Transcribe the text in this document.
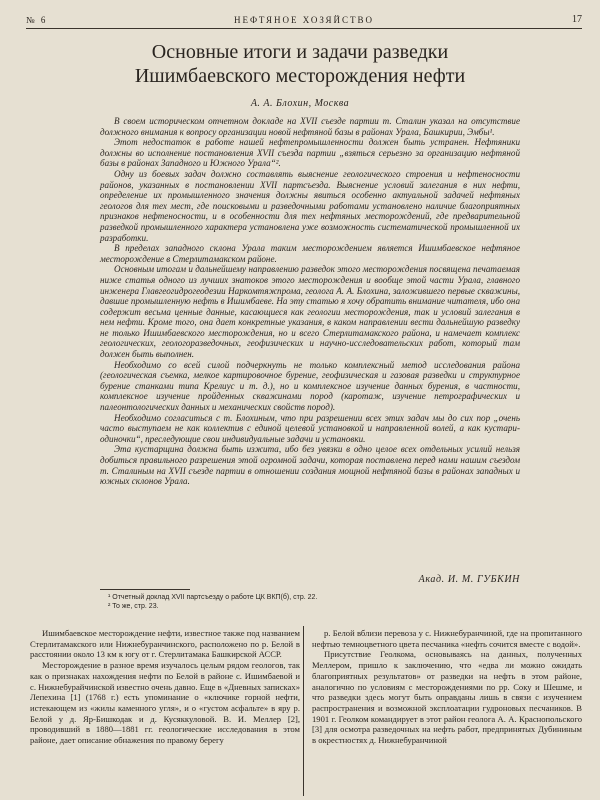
№ 6	НЕФТЯНОЕ ХОЗЯЙСТВО	17
Основные итоги и задачи разведки
Ишимбаевского месторождения нефти
А. А. Блохин, Москва

В своем историческом отчетном докладе на XVII съезде партии т. Сталин указал на отсутствие должного внимания к вопросу организации новой нефтяной базы в районах Урала, Башкирии, Эмбы¹.

Этот недостаток в работе нашей нефтепромышленности должен быть устранен. Нефтяники должны во исполнение постановления XVII съезда партии „взяться серьезно за организацию нефтяной базы в районах Западного и Южного Урала“².

Одну из боевых задач должно составлять выяснение геологического строения и нефтеносности районов, указанных в постановлении XVII партсъезда. Выяснение условий залегания в них нефти, определение их промышленного значения должны явиться особенно актуальной задачей нефтяных геологов для тех мест, где поисковыми и разведочными работами установлено наличие благоприятных признаков нефтеносности, и в особенности для тех нефтяных месторождений, где предварительной разведкой промышленного характера установлена уже возможность систематической промышленной их разработки.

В пределах западного склона Урала таким месторождением является Ишимбаевское нефтяное месторождение в Стерлитамакском районе.

Основным итогам и дальнейшему направлению разведок этого месторождения посвящена печатаемая ниже статья одного из лучших знатоков этого месторождения и вообще этой части Урала, главного инженера Главгеогидрогеодезии Наркомтяжпрома, геолога А. А. Блохина, заложившего первые скважины, давшие промышленную нефть в Ишимбаеве. На эту статью я хочу обратить внимание читателя, ибо она содержит весьма ценные данные, касающиеся как геологии месторождения, так и условий залегания в нем нефти. Кроме того, она дает конкретные указания, в каком направлении вести дальнейшую разведку не только Ишимбаевского месторождения, но и всего Стерлитамакского района, и намечает комплекс геологических, геологоразведочных, геофизических и научно-исследовательских работ, который там должен быть выполнен.

Необходимо со всей силой подчеркнуть не только комплексный метод исследования района (геологическая съемка, мелкое картировочное бурение, геофизическая и газовая разведки и структурное бурение станками типа Крелиус и т. д.), но и комплексное изучение данных бурения, в частности, комплексное изучение пройденных скважинами пород (каротаж, изучение петрографических и палеонтологических данных и механических свойств пород).

Необходимо согласиться с т. Блохиным, что при разрешении всех этих задач мы до сих пор „очень часто выступаем не как коллектив с единой целевой установкой и направленной волей, а как кустари-одиночки“, преследующие свои индивидуальные задачи и установки.

Эта кустарщина должна быть изжита, ибо без увязки в одно целое всех отдельных усилий нельзя добиться правильного разрешения этой огромной задачи, которая поставлена перед нами нашим съездом т. Сталиным на XVII съезде партии в отношении создания мощной нефтяной базы в районах западных и южных склонов Урала.

Акад. И. М. ГУБКИН
¹ Отчетный доклад XVII партсъезду о работе ЦК ВКП(б), стр. 22.
² То же, стр. 23.

Ишимбаевское месторождение нефти, известное также под названием Стерлитамакского или Нижнебуранчинского, расположено по р. Белой в расстоянии около 13 км к югу от г. Стерлитамака Башкирской АССР.

Месторождение в разное время изучалось целым рядом геологов, так как о признаках нахождения нефти по Белой в районе с. Ишимбаевой и с. Нижнебурайчинской известно очень давно. Еще в «Дневных записках» Лепехина [1] (1768 г.) есть упоминание о «ключике горной нефти, истекающем из «жилы каменного угля», и о «густом асфальте» в яру р. Белой у д. Яр-Бишкодак и д. Кусяккуловой. В. И. Меллер [2], проводивший в 1880—1881 гг. геологические исследования в этом районе, дает описание обнажения по правому берегу

р. Белой вблизи перевоза у с. Нижнебуранчиной, где на пропитанного нефтью темноцветного цвета песчаника «нефть сочится вместе с водой».

Присутствие Геолкома, основываясь на данных, полученных Меллером, пришло к заключению, что «едва ли можно ожидать благоприятных результатов» от разведки на нефть в этом районе, аналогично по условиям с месторождениями по рр. Соку и Шешме, и что разведки здесь могут быть оправданы лишь в связи с изучением распространения и возможной эксплоатации гудроновых песчаников. В 1901 г. Геолком командирует в этот район геолога А. А. Краснопольского [3] для осмотра разведочных на нефть работ, предпринятых Дубининым в окрестностях д. Нижнебуранчиной
